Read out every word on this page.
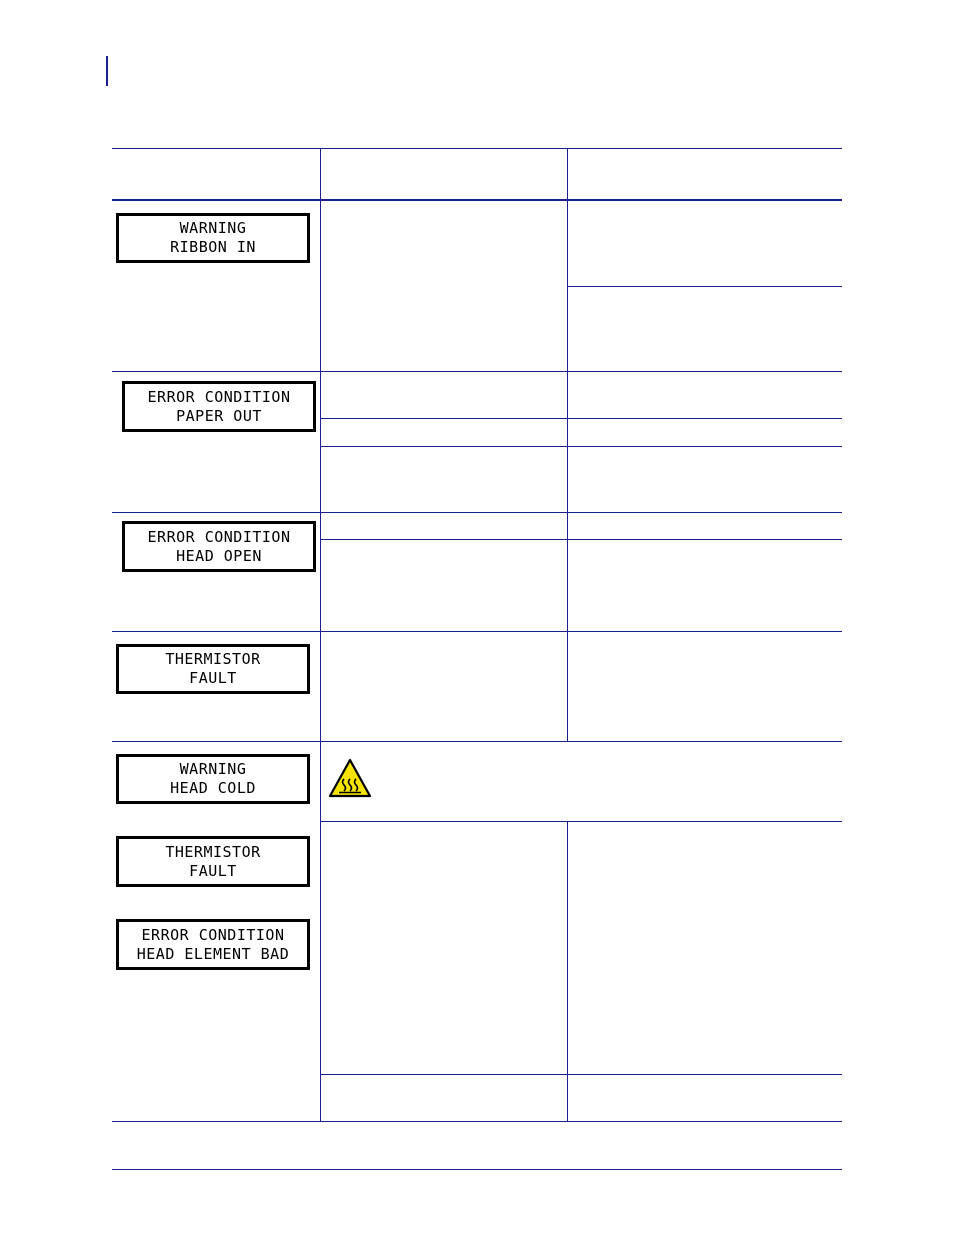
WARNING
RIBBON IN
ERROR CONDITION
PAPER OUT
ERROR CONDITION
HEAD OPEN
THERMISTOR
FAULT
WARNING
HEAD COLD
THERMISTOR
FAULT
ERROR CONDITION
HEAD ELEMENT BAD
